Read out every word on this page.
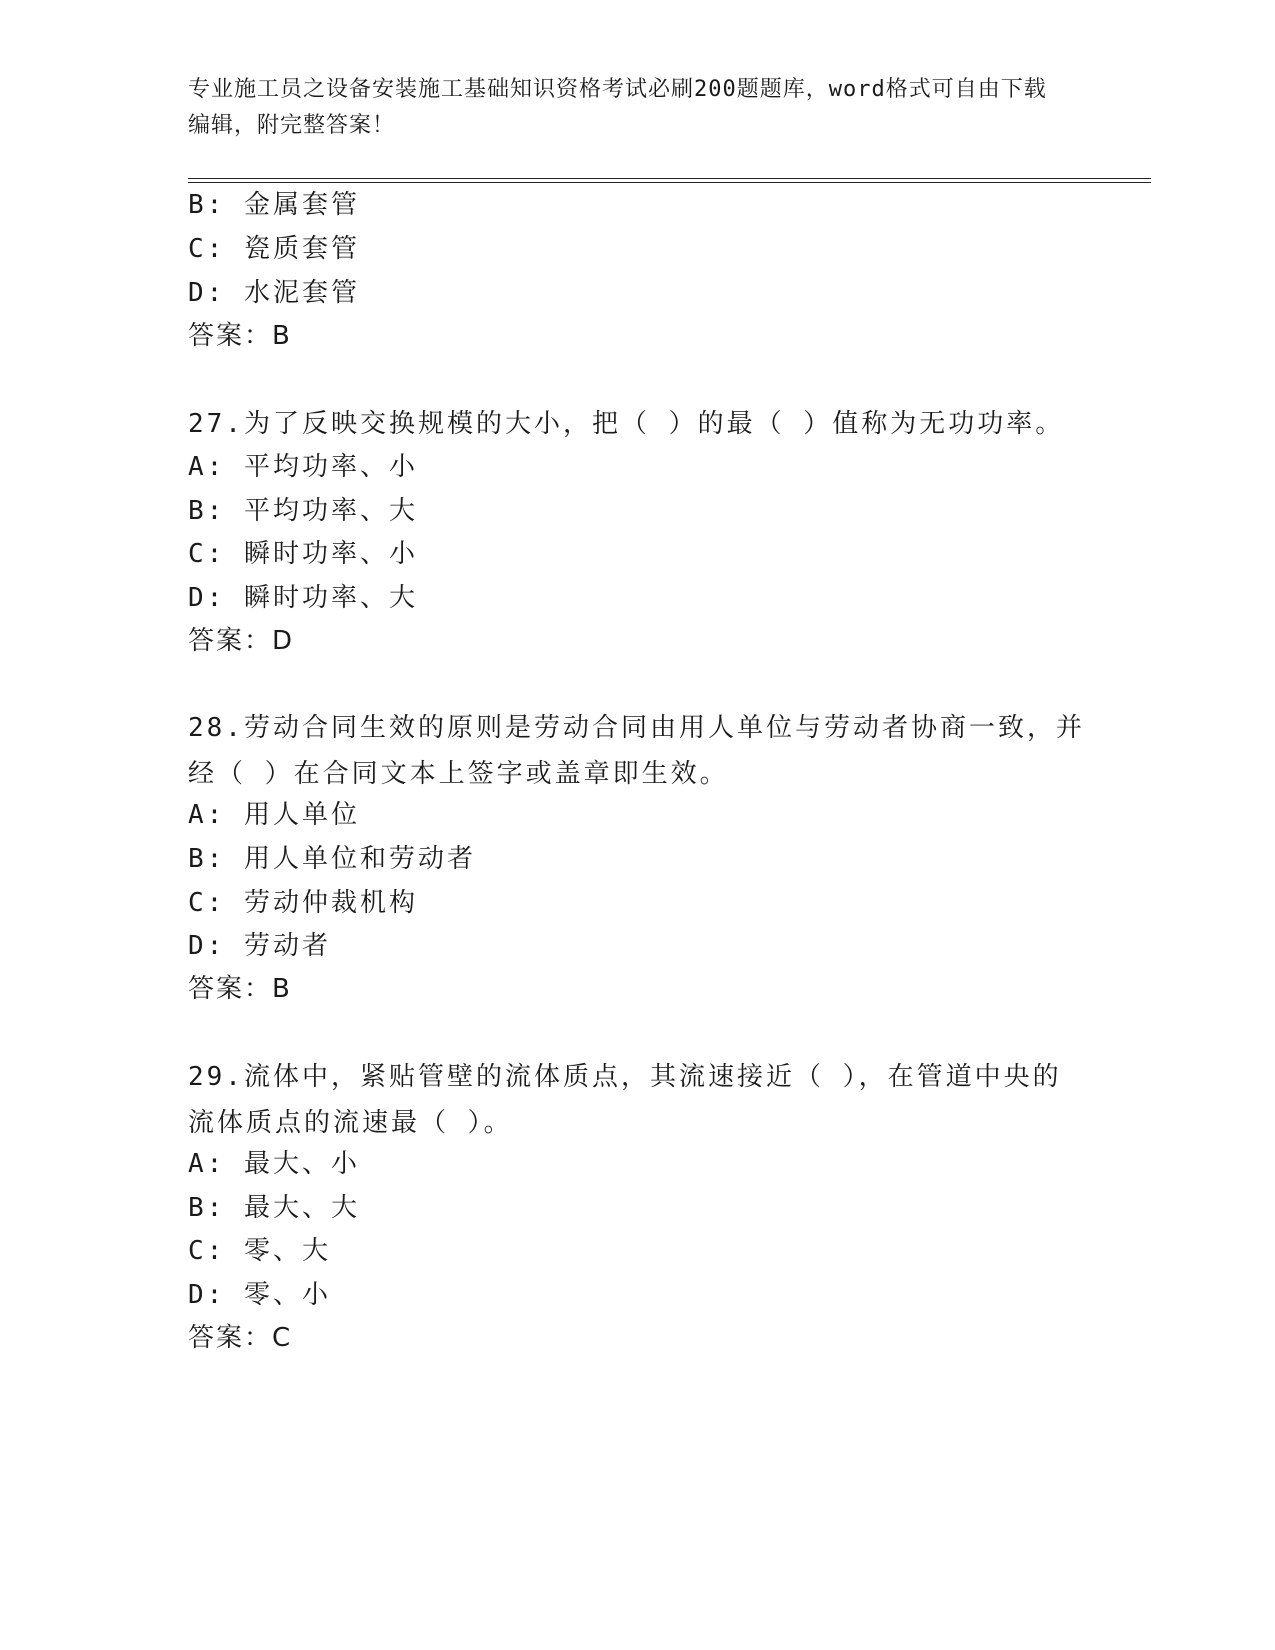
专业施工员之设备安装施工基础知识资格考试必刷200题题库，word格式可自由下载编辑，附完整答案！
B: 金属套管
C: 瓷质套管
D: 水泥套管
答案：B
27.为了反映交换规模的大小，把（ ）的最（ ）值称为无功功率。
A: 平均功率、小
B: 平均功率、大
C: 瞬时功率、小
D: 瞬时功率、大
答案：D
28.劳动合同生效的原则是劳动合同由用人单位与劳动者协商一致，并经（ ）在合同文本上签字或盖章即生效。
A: 用人单位
B: 用人单位和劳动者
C: 劳动仲裁机构
D: 劳动者
答案：B
29.流体中，紧贴管壁的流体质点，其流速接近（ ），在管道中央的流体质点的流速最（ ）。
A: 最大、小
B: 最大、大
C: 零、大
D: 零、小
答案：C
